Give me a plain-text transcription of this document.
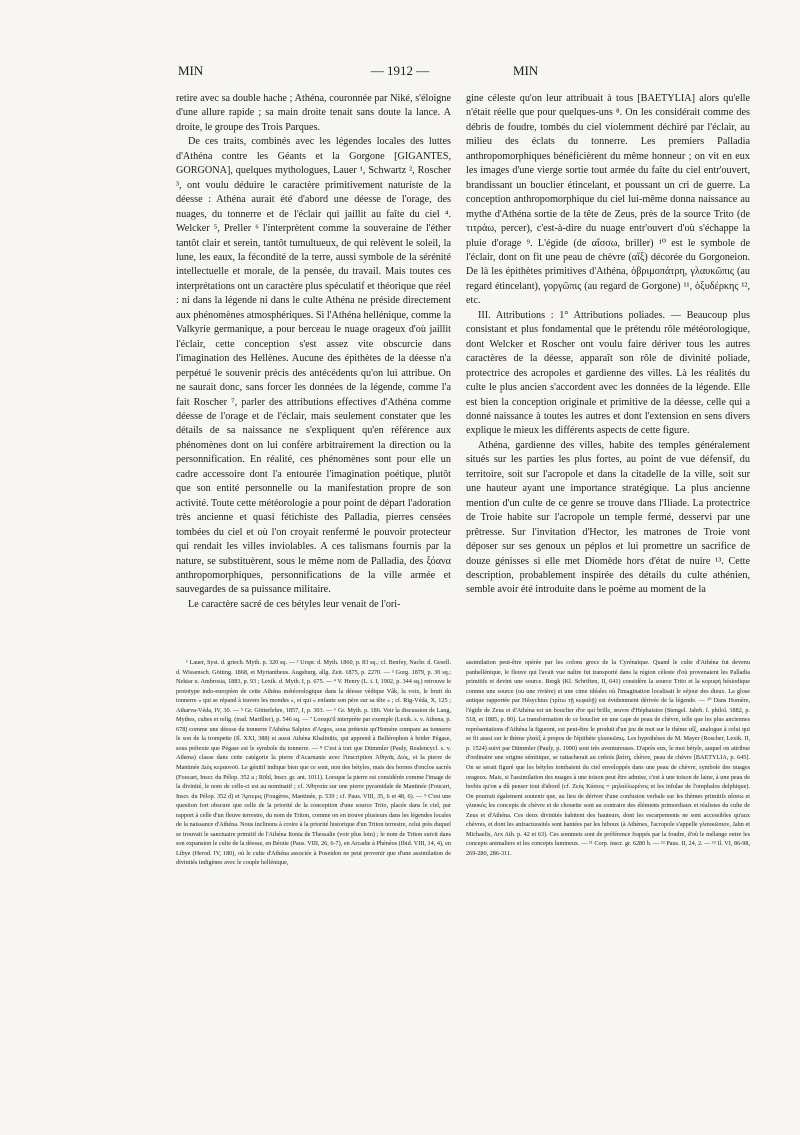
MIN	— 1912 —	MIN

retire avec sa double hache ; Athéna, couronnée par Niké, s'éloigne d'une allure rapide ; sa main droite tenait sans doute la lance. A droite, le groupe des Trois Parques.

De ces traits, combinés avec les légendes locales des luttes d'Athéna contre les Géants et la Gorgone [GIGANTES, GORGONA], quelques mythologues, Lauer ¹, Schwartz ², Roscher ³, ont voulu déduire le caractère primitivement naturiste de la déesse : Athéna aurait été d'abord une déesse de l'orage, des nuages, du tonnerre et de l'éclair qui jaillit au faîte du ciel ⁴. Welcker ⁵, Preller ⁶ l'interprètent comme la souveraine de l'éther tantôt clair et serein, tantôt tumultueux, de qui relèvent le soleil, la lune, les eaux, la fécondité de la terre, aussi symbole de la sérénité intellectuelle et morale, de la pensée, du travail. Mais toutes ces interprétations ont un caractère plus spéculatif et théorique que réel : ni dans la légende ni dans le culte Athéna ne préside directement aux phénomènes atmosphériques. Si l'Athéna hellénique, comme la Valkyrie germanique, a pour berceau le nuage orageux d'où jaillit l'éclair, cette conception s'est assez vite obscurcie dans l'imagination des Hellènes. Aucune des épithètes de la déesse n'a perpétué le souvenir précis des antécédents qu'on lui attribue. On ne saurait donc, sans forcer les données de la légende, comme l'a fait Roscher ⁷, parler des attributions effectives d'Athéna comme déesse de l'orage et de l'éclair, mais seulement constater que les détails de sa naissance ne s'expliquent qu'en référence aux phénomènes dont on lui confère arbitrairement la direction ou la personnification. En réalité, ces phénomènes sont pour elle un cadre accessoire dont l'a entourée l'imagination poétique, plutôt que son entité personnelle ou la manifestation propre de son activité. Toute cette météorologie a pour point de départ l'adoration très ancienne et quasi fétichiste des Palladia, pierres censées tombées du ciel et où l'on croyait renfermé le pouvoir protecteur qui rendait les villes inviolables. A ces talismans fournis par la nature, se substituèrent, sous le même nom de Palladia, des ξόανα anthropomorphiques, personnifications de la ville armée et sauvegardes de sa puissance militaire.

Le caractère sacré de ces bétyles leur venait de l'ori-

gine céleste qu'on leur attribuait à tous [BAETYLIA] alors qu'elle n'était réelle que pour quelques-uns ⁸. On les considérait comme des débris de foudre, tombés du ciel violemment déchiré par l'éclair, au milieu des éclats du tonnerre. Les premiers Palladia anthropomorphiques bénéficièrent du même honneur ; on vit en eux les images d'une vierge sortie tout armée du faîte du ciel entr'ouvert, brandissant un bouclier étincelant, et poussant un cri de guerre. La conception anthropomorphique du ciel lui-même donna naissance au mythe d'Athéna sortie de la tête de Zeus, près de la source Trito (de τιτράω, percer), c'est-à-dire du nuage entr'ouvert d'où s'échappe la pluie d'orage ⁹. L'égide (de αἴσσω, briller) ¹⁰ est le symbole de l'éclair, dont on fit une peau de chèvre (αἴξ) décorée du Gorgoneion. De là les épithètes primitives d'Athéna, ὀβριμοπάτρη, γλαυκῶπις (au regard étincelant), γοργῶπις (au regard de Gorgone) ¹¹, ὀξυδέρκης ¹², etc.

III. Attributions : 1° Attributions poliades. — Beaucoup plus consistant et plus fondamental que le prétendu rôle météorologique, dont Welcker et Roscher ont voulu faire dériver tous les autres caractères de la déesse, apparaît son rôle de divinité poliade, protectrice des acropoles et gardienne des villes. Là les réalités du culte le plus ancien s'accordent avec les données de la légende. Elle est bien la conception originale et primitive de la déesse, celle qui a donné naissance à toutes les autres et dont l'extension en sens divers explique le mieux les différents aspects de cette figure.

Athéna, gardienne des villes, habite des temples généralement situés sur les parties les plus fortes, au point de vue défensif, du territoire, soit sur l'acropole et dans la citadelle de la ville, soit sur une hauteur ayant une importance stratégique. La plus ancienne mention d'un culte de ce genre se trouve dans l'Iliade. La protectrice de Troie habite sur l'acropole un temple fermé, desservi par une prêtresse. Sur l'invitation d'Hector, les matrones de Troie vont déposer sur ses genoux un péplos et lui promettre un sacrifice de douze génisses si elle met Diomède hors d'état de nuire ¹³. Cette description, probablement inspirée des détails du culte athénien, semble avoir été introduite dans le poème au moment de la

¹ Lauer, Syst. d. griech. Myth. p. 320 sq. — ² Urspr. d. Myth. 1860, p. 83 sq.; cf. Benfey, Nachr. d. Gesell. d. Wissensch. Götting. 1868, et Myriantheus. Augsburg. allg. Zeit. 1875, p. 2270. — ³ Gorg. 1879, p. 30 sq.; Nektar u. Ambrosia, 1883, p. 93 ; Lexik. d. Myth. I, p. 675. — ⁴ V. Henry (L. t. I, 1902, p. 344 sq.) retrouve le prototype indo-européen de cette Athéna météorologique dans la déesse védique Vâk, la voix, le bruit du tonnerre « qui se répand à travers les mondes », et qui « enfante son père sur sa tête » ; cf. Rig-Véda, X, 125 ; Atharva-Véda, IV, 30. — ⁵ Gr. Götterlehre, 1857, I, p. 303. — ⁶ Gr. Myth. p. 186. Voir la discussion de Lang, Mythes, cultes et relig. (trad. Marillier), p. 546 sq. — ⁷ Lorsqu'il interprète par exemple (Lexik. s. v. Athena, p. 678) comme une déesse du tonnerre l'Athéna Salpinx d'Argos, sous prétexte qu'Homère compare au tonnerre le son de la trompette (Il. XXI, 388) et aussi Athéna Khalinitis, qui apprend à Bellérophon à brider Pégase, sous prétexte que Pégase est le symbole du tonnerre. — ⁸ C'est à tort que Dümmler (Pauly, Realencycl. s. v. Athena) classe dans cette catégorie la pierre d'Acarnanie avec l'inscription Ἀθηνᾶς Διός, et la pierre de Mantinée Διὸς κεραυνοῦ. Le génitif indique bien que ce sont, non des bétyles, mais des bornes d'enclos sacrés (Foucart, Inscr. du Pélop. 352 a ; Röhl, Inscr. gr. ant. 1011). Lorsque la pierre est considérée comme l'image de la divinité, le nom de celle-ci est au nominatif ; cf. Ἀθηναία sur une pierre pyramidale de Mantinée (Foucart, Inscr. du Pélop. 352 d) et Ἄρτεμις (Fougères, Mantinée, p. 539 ; cf. Paus. VIII, 35, 6 et 48, 6). — ⁹ C'est une question fort obscure que celle de la priorité de la conception d'une source Trito, placée dans le ciel, par rapport à celle d'un fleuve terrestre, du nom de Triton, comme on en trouve plusieurs dans les légendes locales de la naissance d'Athéna. Nous inclinons à croire à la priorité historique d'un Triton terrestre, celui près duquel se trouvait le sanctuaire primitif de l'Athéna Itonia de Thessalie (voir plus loin) ; le nom de Triton suivit dans son expansion le culte de la déesse, en Béotie (Paus. VIII, 26, 6-7), en Arcadie à Phénéos (Ibid. VIII, 14, 4), en Libye (Herod. IV, 180), où le culte d'Athéna associée à Poseidon ne peut provenir que d'une assimilation de divinités indigènes avec le couple hellénique,

assimilation peut-être opérée par les colons grecs de la Cyrénaïque. Quand le culte d'Athéna fut devenu panhellénique, le fleuve qui l'avait vue naître fut transporté dans la région céleste d'où provenaient les Palladia primitifs et devint une source. Bergk (Kl. Schriften, II, 641) considère la source Trito et la κορυφή hésiodique comme une source (ou une rivière) et une cime idéales où l'imagination localisait le séjour des dieux. La glose antique rapportée par Hésychius (τρίτω τῇ κεφαλῇ) est évidemment dérivée de la légende. — ¹⁰ Dans Homère, l'égide de Zeus et d'Athéna est un bouclier d'or qui brille, œuvre d'Héphaistos (Stengel. Jahrb. f. philol. 1882, p. 518, et 1885, p. 80). La transformation de ce bouclier en une cape de peau de chèvre, telle que les plus anciennes représentations d'Athéna la figurent, est peut-être le produit d'un jeu de mot sur le thème αἴξ, analogue à celui qui se fit aussi sur le thème γλαύξ à propos de l'épithète γλαυκῶπις. Les hypothèses de M. Mayer (Roscher, Lexik. II, p. 1524) suivi par Dümmler (Pauly, p. 1990) sont très aventureuses. D'après eux, le mot bétyle, auquel on attribue d'ordinaire une origine sémitique, se rattacherait au crétois βαίτη, chèvre, peau de chèvre [BAETYLIA, p. 645]. On se serait figuré que les bétyles tombaient du ciel enveloppés dans une peau de chèvre, symbole des nuages orageux. Mais, si l'assimilation des nuages à une toison peut être admise, c'est à une toison de laine, à une peau de brebis qu'on a dû penser tout d'abord (cf. Ζεὺς Κάσιος = μηλαλλωρένος et les infulae de l'omphalos delphique). On pourrait également soutenir que, au lieu de dériver d'une confusion verbale sur les thèmes primitifs αἴσσω et γλαυκός les concepts de chèvre et de chouette sont au contraire des éléments primordiaux et réalistes du culte de Zeus et d'Athéna. Ces deux divinités habitent des hauteurs, dont les escarpements ne sont accessibles qu'aux chèvres, et dont les anfractuosités sont hantées par les hiboux (à Athènes, l'acropole s'appelle γλαυκῶπιον, Jahn et Michaelis, Arx Ath. p. 42 et 63). Ces sommets sont de préférence frappés par la foudre, d'où le mélange entre les concepts animaliers et les concepts lumineux. — ¹¹ Corp. inscr. gr. 6280 b. — ¹² Paus. II, 24, 2. — ¹³ Il. VI, 86-98, 269-280, 286-311.
